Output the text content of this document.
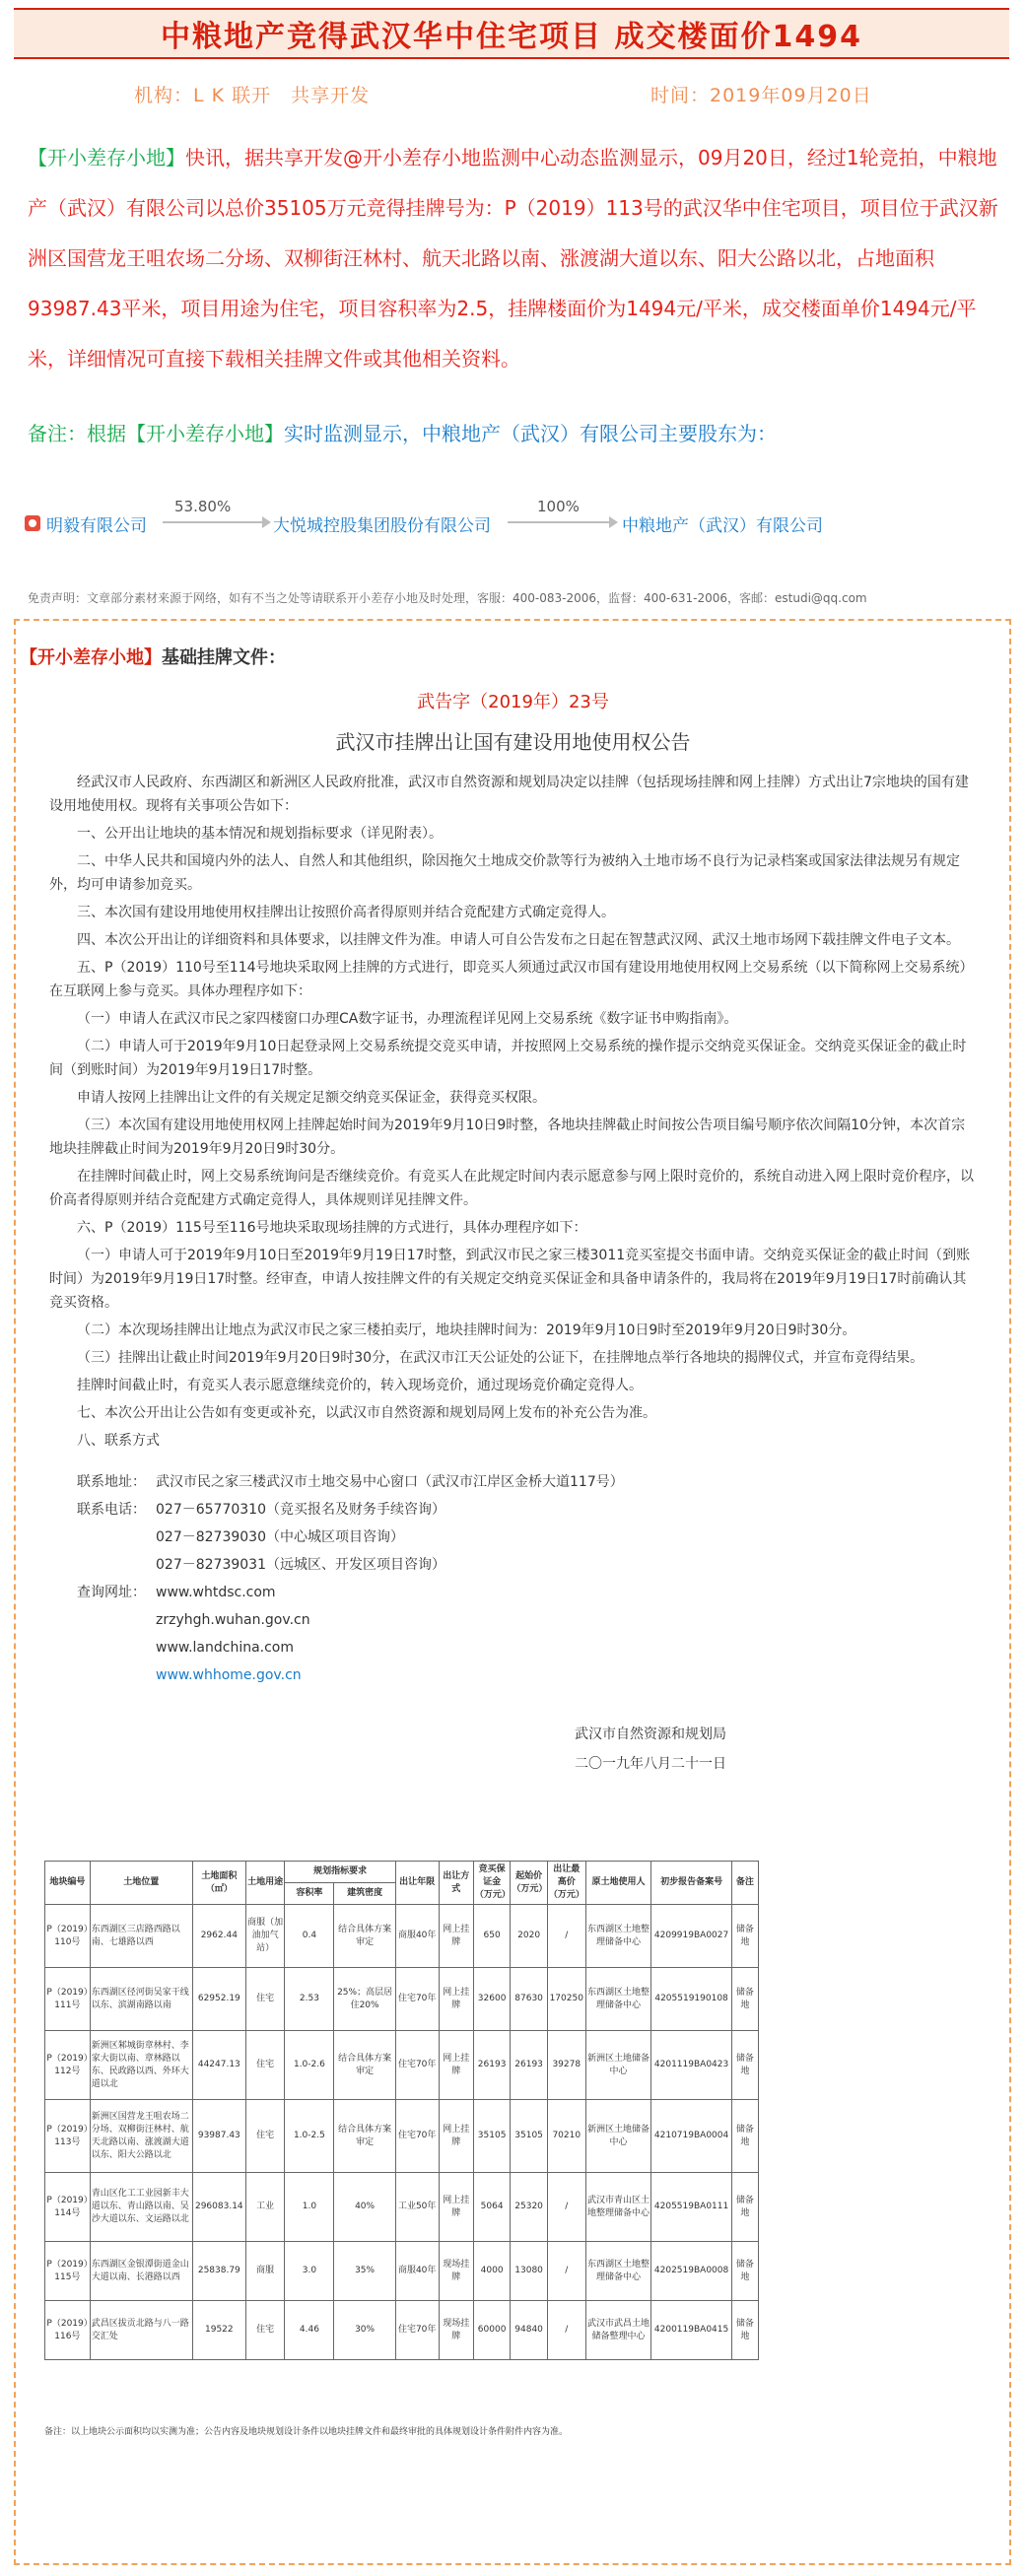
中粮地产竞得武汉华中住宅项目 成交楼面价1494
机构：L K 联开　共享开发	时间：2019年09月20日
【开小差存小地】快讯，据共享开发@开小差存小地监测中心动态监测显示，09月20日，经过1轮竞拍，中粮地产（武汉）有限公司以总价35105万元竞得挂牌号为：P（2019）113号的武汉华中住宅项目，项目位于武汉新洲区国营龙王咀农场二分场、双柳街汪林村、航天北路以南、涨渡湖大道以东、阳大公路以北，占地面积93987.43平米，项目用途为住宅，项目容积率为2.5，挂牌楼面价为1494元/平米，成交楼面单价1494元/平米，详细情况可直接下载相关挂牌文件或其他相关资料。
备注：根据【开小差存小地】实时监测显示，中粮地产（武汉）有限公司主要股东为：
明毅有限公司
53.80%
大悦城控股集团股份有限公司
100%
中粮地产（武汉）有限公司
免责声明：文章部分素材来源于网络，如有不当之处等请联系开小差存小地及时处理，客服：400-083-2006，监督：400-631-2006，客邮：estudi@qq.com
【开小差存小地】基础挂牌文件：
武告字（2019年）23号
武汉市挂牌出让国有建设用地使用权公告

经武汉市人民政府、东西湖区和新洲区人民政府批准，武汉市自然资源和规划局决定以挂牌（包括现场挂牌和网上挂牌）方式出让7宗地块的国有建设用地使用权。现将有关事项公告如下：

一、公开出让地块的基本情况和规划指标要求（详见附表）。

二、中华人民共和国境内外的法人、自然人和其他组织，除因拖欠土地成交价款等行为被纳入土地市场不良行为记录档案或国家法律法规另有规定外，均可申请参加竞买。

三、本次国有建设用地使用权挂牌出让按照价高者得原则并结合竞配建方式确定竞得人。

四、本次公开出让的详细资料和具体要求，以挂牌文件为准。申请人可自公告发布之日起在智慧武汉网、武汉土地市场网下载挂牌文件电子文本。

五、P（2019）110号至114号地块采取网上挂牌的方式进行，即竞买人须通过武汉市国有建设用地使用权网上交易系统（以下简称网上交易系统）在互联网上参与竞买。具体办理程序如下：

（一）申请人在武汉市民之家四楼窗口办理CA数字证书，办理流程详见网上交易系统《数字证书申购指南》。

（二）申请人可于2019年9月10日起登录网上交易系统提交竞买申请，并按照网上交易系统的操作提示交纳竞买保证金。交纳竞买保证金的截止时间（到账时间）为2019年9月19日17时整。

申请人按网上挂牌出让文件的有关规定足额交纳竞买保证金，获得竞买权限。

（三）本次国有建设用地使用权网上挂牌起始时间为2019年9月10日9时整，各地块挂牌截止时间按公告项目编号顺序依次间隔10分钟，本次首宗地块挂牌截止时间为2019年9月20日9时30分。

在挂牌时间截止时，网上交易系统询问是否继续竞价。有竞买人在此规定时间内表示愿意参与网上限时竞价的，系统自动进入网上限时竞价程序，以价高者得原则并结合竞配建方式确定竞得人，具体规则详见挂牌文件。

六、P（2019）115号至116号地块采取现场挂牌的方式进行，具体办理程序如下：

（一）申请人可于2019年9月10日至2019年9月19日17时整，到武汉市民之家三楼3011竞买室提交书面申请。交纳竞买保证金的截止时间（到账时间）为2019年9月19日17时整。经审查，申请人按挂牌文件的有关规定交纳竞买保证金和具备申请条件的，我局将在2019年9月19日17时前确认其竞买资格。

（二）本次现场挂牌出让地点为武汉市民之家三楼拍卖厅，地块挂牌时间为：2019年9月10日9时至2019年9月20日9时30分。

（三）挂牌出让截止时间2019年9月20日9时30分，在武汉市江天公证处的公证下，在挂牌地点举行各地块的揭牌仪式，并宣布竞得结果。

挂牌时间截止时，有竞买人表示愿意继续竞价的，转入现场竞价，通过现场竞价确定竞得人。

七、本次公开出让公告如有变更或补充，以武汉市自然资源和规划局网上发布的补充公告为准。

八、联系方式

联系地址： 武汉市民之家三楼武汉市土地交易中心窗口（武汉市江岸区金桥大道117号）
联系电话： 027－65770310（竞买报名及财务手续咨询）
027－82739030（中心城区项目咨询）
027－82739031（远城区、开发区项目咨询）
查询网址： www.whtdsc.com
zrzyhgh.wuhan.gov.cn
www.landchina.com
www.whhome.gov.cn
武汉市自然资源和规划局
二〇一九年八月二十一日
地块编号	土地位置	土地面积（㎡）	土地用途	规划指标要求		出让年限	出让方式	竞买保证金（万元）	起始价（万元）	出让最高价（万元）	原土地使用人	初步报告备案号	备注
				容积率	建筑密度								
P（2019）110号	东西湖区三店路西路以南、七雄路以西	2962.44	商服（加油加气站）	0.4	结合具体方案审定	商服40年	网上挂牌	650	2020	/	东西湖区土地整理储备中心	4209919BA0027	储备地
P（2019）111号	东西湖区径河街吴家干线以东、滨湖南路以南	62952.19	住宅	2.53	25%；高层居住20%	住宅70年	网上挂牌	32600	87630	170250	东西湖区土地整理储备中心	4205519190108	储备地
P（2019）112号	新洲区邾城街章林村、李家大街以南、章林路以东、民政路以西、外环大道以北	44247.13	住宅	1.0-2.6	结合具体方案审定	住宅70年	网上挂牌	26193	26193	39278	新洲区土地储备中心	4201119BA0423	储备地
P（2019）113号	新洲区国营龙王咀农场二分场、双柳街汪林村、航天北路以南、涨渡湖大道以东、阳大公路以北	93987.43	住宅	1.0-2.5	结合具体方案审定	住宅70年	网上挂牌	35105	35105	70210	新洲区土地储备中心	4210719BA0004	储备地
P（2019）114号	青山区化工工业园新丰大道以东、青山路以南、吴沙大道以东、文运路以北	296083.14	工业	1.0	40%	工业50年	网上挂牌	5064	25320	/	武汉市青山区土地整理储备中心	4205519BA0111	储备地
P（2019）115号	东西湖区金银潭街道金山大道以南、长港路以西	25838.79	商服	3.0	35%	商服40年	现场挂牌	4000	13080	/	东西湖区土地整理储备中心	4202519BA0008	储备地
P（2019）116号	武昌区拔贡北路与八一路交汇处	19522	住宅	4.46	30%	住宅70年	现场挂牌	60000	94840	/	武汉市武昌土地储备整理中心	4200119BA0415	储备地
备注：以上地块公示面积均以实测为准；公告内容及地块规划设计条件以地块挂牌文件和最终审批的具体规划设计条件附件内容为准。
